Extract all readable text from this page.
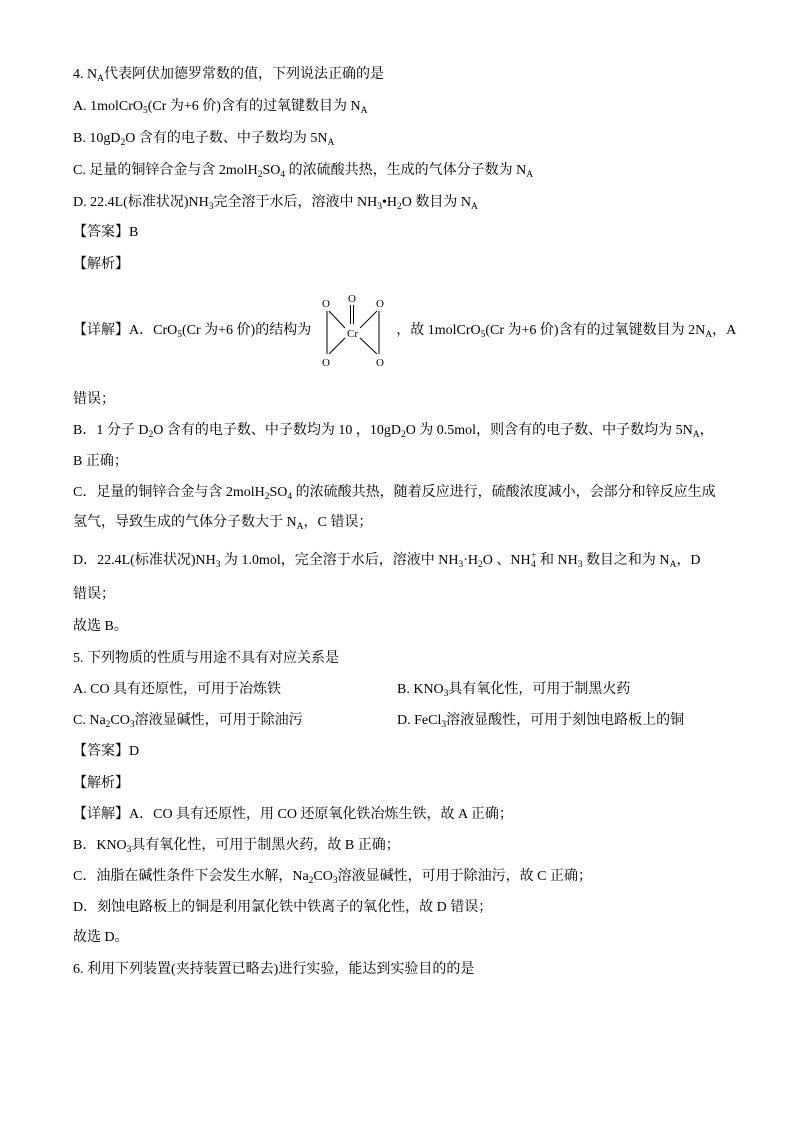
4. $N_A$代表阿伏加德罗常数的值，下列说法正确的是
A. 1molCrO$_5$(Cr 为+6 价)含有的过氧键数目为 $N_A$
B. $10gD_2O$ 含有的电子数、中子数均为 $5N_A$
C. 足量的铜锌合金与含 $2molH_2SO_4$ 的浓硫酸共热，生成的气体分子数为 $N_A$
D. 22.4L(标准状况)$NH_3$完全溶于水后，溶液中 $NH_3•H_2O$ 数目为 $N_A$
【答案】B
【解析】
【详解】A．CrO$_5$(Cr 为+6 价)的结构为
O O O
Cr
O	O
，故 1molCrO$_5$(Cr 为+6 价)含有的过氧键数目为 $2N_A$，A
错误；
B．1 分子 $D_2O$ 含有的电子数、中子数均为 10 ，$10gD_2O$ 为 0.5mol，则含有的电子数、中子数均为 $5N_A$，
B 正确；
C．足量的铜锌合金与含 $2molH_2SO_4$ 的浓硫酸共热，随着反应进行，硫酸浓度减小，会部分和锌反应生成
氢气，导致生成的气体分子数大于 $N_A$，C 错误；
D．22.4L(标准状况)$NH_3$ 为 1.0mol，完全溶于水后，溶液中 $NH_3\cdot H_2O$ 、NH +
4 和 $NH_3$ 数目之和为 $N_A$，D
错误；
故选 B。
5. 下列物质的性质与用途不具有对应关系是
A. CO 具有还原性，可用于冶炼铁	B. $KNO_3$具有氧化性，可用于制黑火药
C. $Na_2CO_3$溶液显碱性，可用于除油污	D. FeCl$_3$溶液显酸性，可用于刻蚀电路板上的铜
【答案】D
【解析】
【详解】A．CO 具有还原性，用 CO 还原氧化铁冶炼生铁，故 A 正确；
B．$KNO_3$具有氧化性，可用于制黑火药，故 B 正确；
C．油脂在碱性条件下会发生水解，$Na_2CO_3$溶液显碱性，可用于除油污，故 C 正确；
D．刻蚀电路板上的铜是利用氯化铁中铁离子的氧化性，故 D 错误；
故选 D。
6. 利用下列装置(夹持装置已略去)进行实验，能达到实验目的的是
